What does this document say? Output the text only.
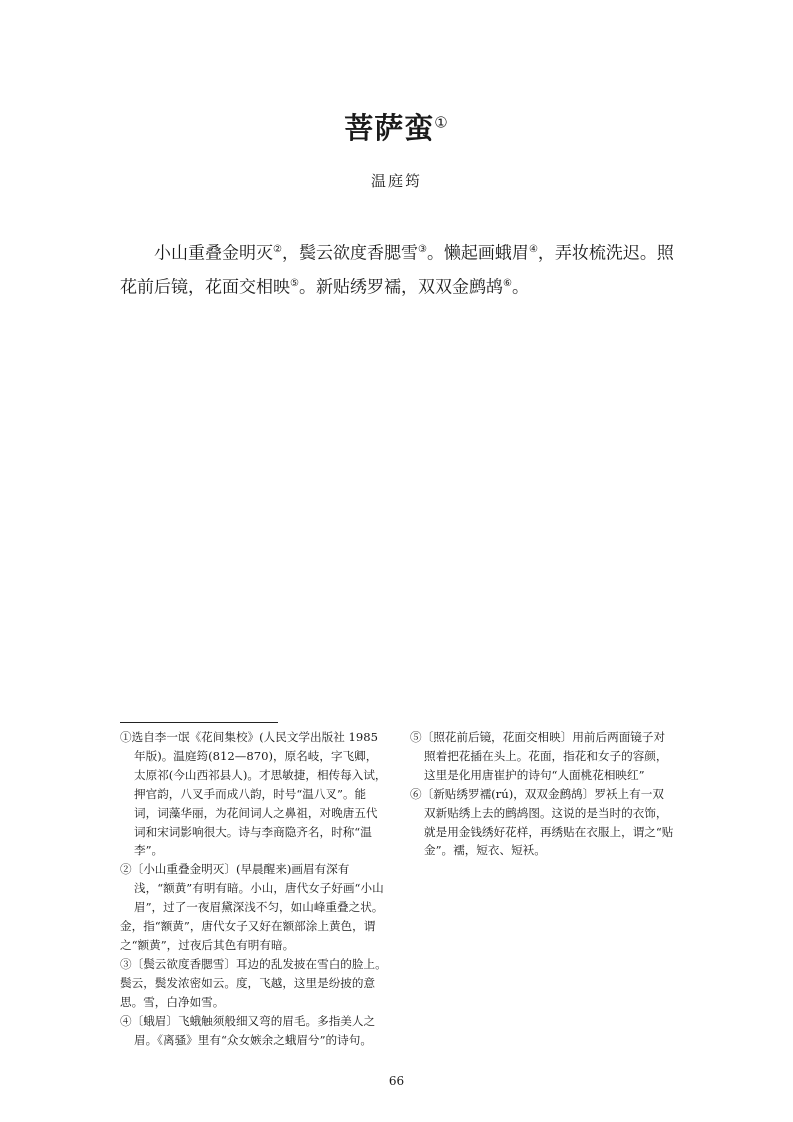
菩萨蛮①
温庭筠

小山重叠金明灭②，鬓云欲度香腮雪③。懒起画蛾眉④，弄妆梳洗迟。照花前后镜，花面交相映⑤。新贴绣罗襦，双双金鹧鸪⑥。

①选自李一氓《花间集校》(人民文学出版社 1985 年版)。温庭筠(812—870)，原名岐，字飞卿，太原祁(今山西祁县人)。才思敏捷，相传每入试，押官韵，八叉手而成八韵，时号“温八叉”。能词，词藻华丽，为花间词人之鼻祖，对晚唐五代词和宋词影响很大。诗与李商隐齐名，时称“温李”。

②〔小山重叠金明灭〕(早晨醒来)画眉有深有浅，“额黄”有明有暗。小山，唐代女子好画“小山眉”，过了一夜眉黛深浅不匀，如山峰重叠之状。

金，指“额黄”，唐代女子又好在额部涂上黄色，谓之“额黄”，过夜后其色有明有暗。

③〔鬓云欲度香腮雪〕耳边的乱发披在雪白的脸上。

鬓云，鬓发浓密如云。度，飞越，这里是纷披的意思。雪，白净如雪。

④〔蛾眉〕飞蛾触须般细又弯的眉毛。多指美人之眉。《离骚》里有“众女嫉余之蛾眉兮”的诗句。

⑤〔照花前后镜，花面交相映〕用前后两面镜子对照着把花插在头上。花面，指花和女子的容颜，这里是化用唐崔护的诗句“人面桃花相映红”

⑥〔新贴绣罗襦(rú)，双双金鹧鸪〕罗袄上有一双双新贴绣上去的鹧鸪图。这说的是当时的衣饰，就是用金钱绣好花样，再绣贴在衣服上，谓之“贴金”。襦，短衣、短袄。

66
